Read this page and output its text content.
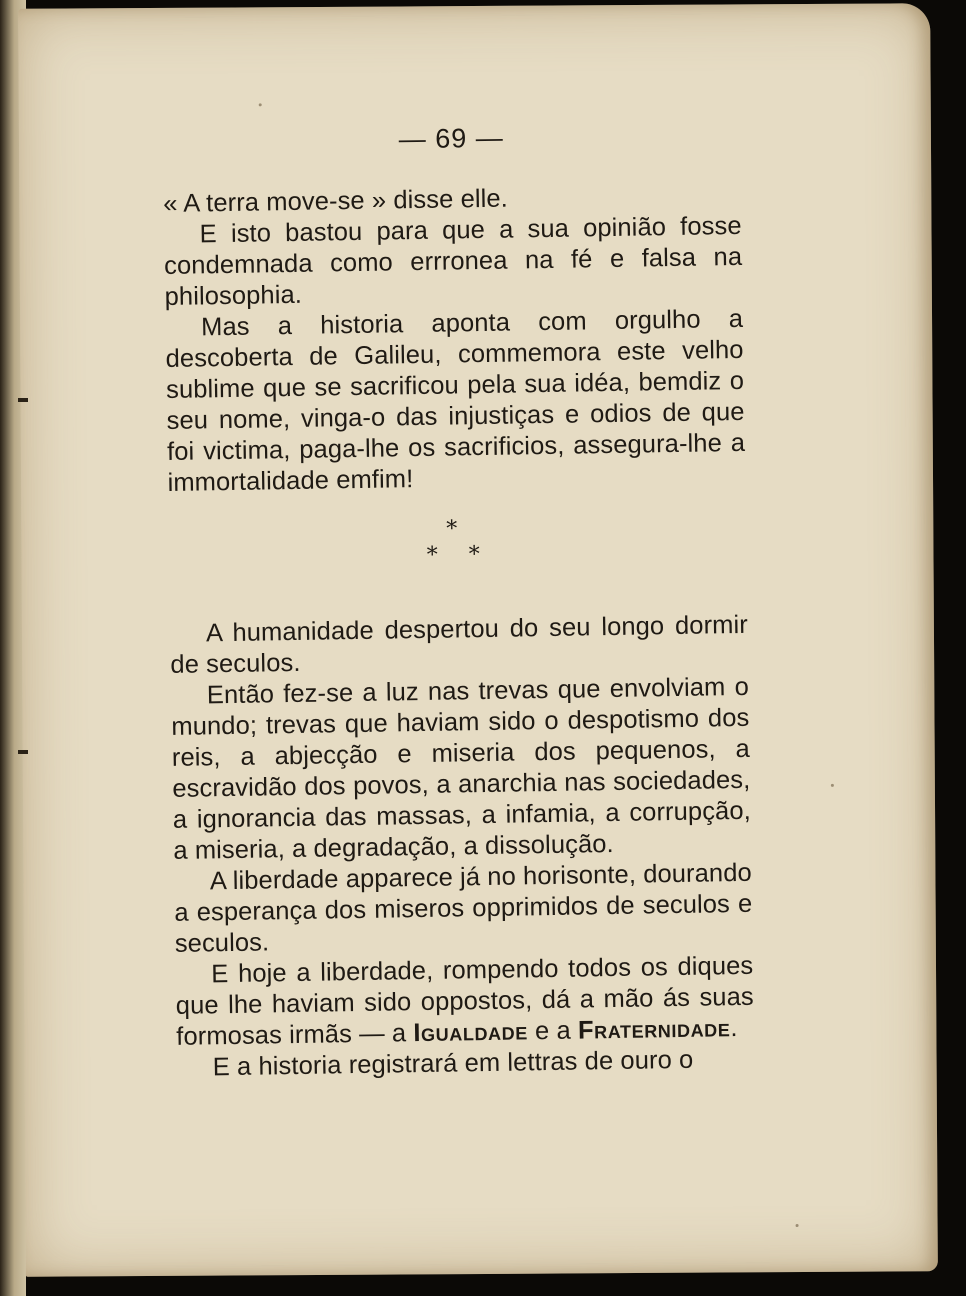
— 69 —

« A terra move-se » disse elle.

E isto bastou para que a sua opinião fosse condemnada como errronea na fé e falsa na philosophia.

Mas a historia aponta com orgulho a descoberta de Galileu, commemora este velho sublime que se sacrificou pela sua idéa, bemdiz o seu nome, vinga-o das injustiças e odios de que foi victima, paga-lhe os sacrificios, assegura-lhe a immortalidade emfim!

*
* *

A humanidade despertou do seu longo dormir de seculos.

Então fez-se a luz nas trevas que envolviam o mundo; trevas que haviam sido o despotismo dos reis, a abjecção e miseria dos pequenos, a escravidão dos povos, a anarchia nas sociedades, a ignorancia das massas, a infamia, a corrupção, a miseria, a degradação, a dissolução.

A liberdade apparece já no horisonte, dourando a esperança dos miseros opprimidos de seculos e seculos.

E hoje a liberdade, rompendo todos os diques que lhe haviam sido oppostos, dá a mão ás suas formosas irmãs — a Igualdade e a Fraternidade.

E a historia registrará em lettras de ouro o
